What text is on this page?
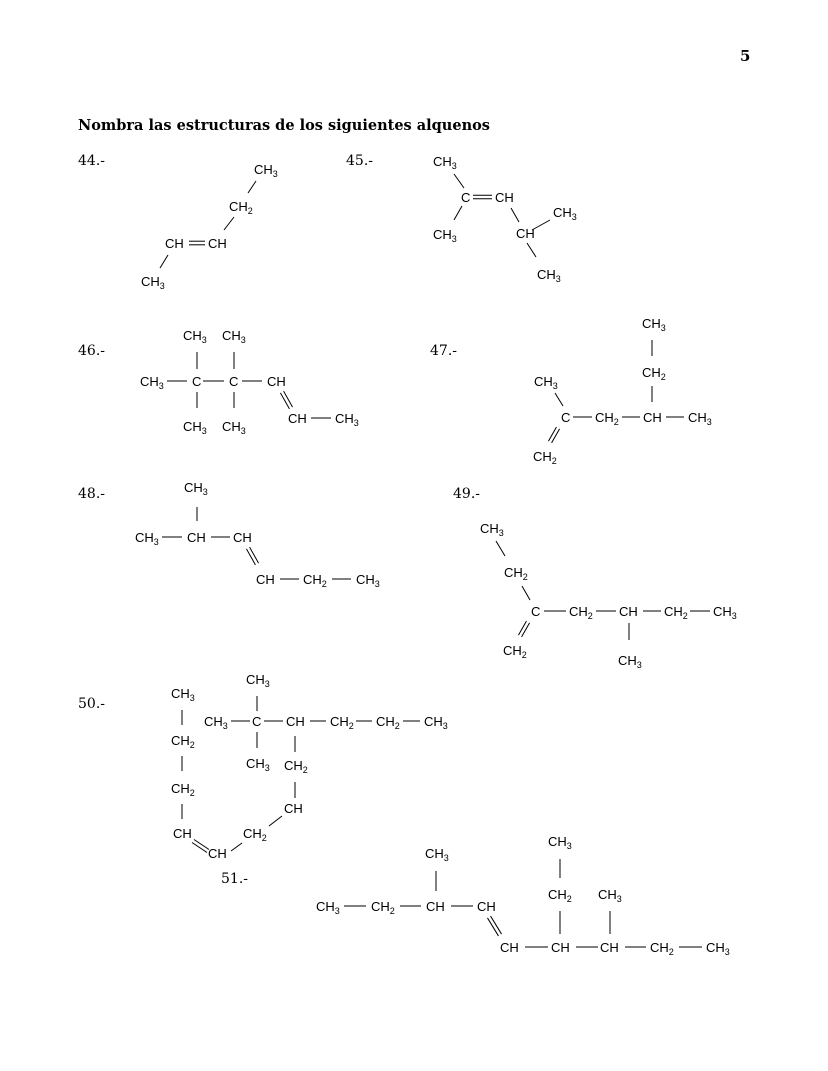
5
Nombra las estructuras de los siguientes alquenos
44.-	45.-
46.-	47.-
48.-	49.-
50.-
51.-
$CH_3$
$CH_2$
CH CH
$CH_3$
$CH_3$
C CH
$CH_3$	CH
$CH_3$
$CH_3$
$CH_3$ $CH_3$
$CH_3$ C C CH
$CH_3$ $CH_3$
CH $CH_3$
$CH_3$
$CH_2$
$CH_3$
C $CH_2$ CH $CH_3$
$CH_2$
$CH_3$
$CH_3$ CH CH
CH $CH_2$ $CH_3$
$CH_3$
$CH_2$
C $CH_2$ CH $CH_2$ $CH_3$
$CH_2$	$CH_3$
$CH_3$
$CH_2$
$CH_2$
CH
CH
$CH_2$
CH
$CH_2$
$CH_3$
$CH_3$ C CH $CH_2$ $CH_2$ $CH_3$
$CH_3$
$CH_3$
$CH_3$ $CH_2$ CH CH
CH CH CH $CH_2$ $CH_3$
$CH_3$
$CH_2$ $CH_3$
